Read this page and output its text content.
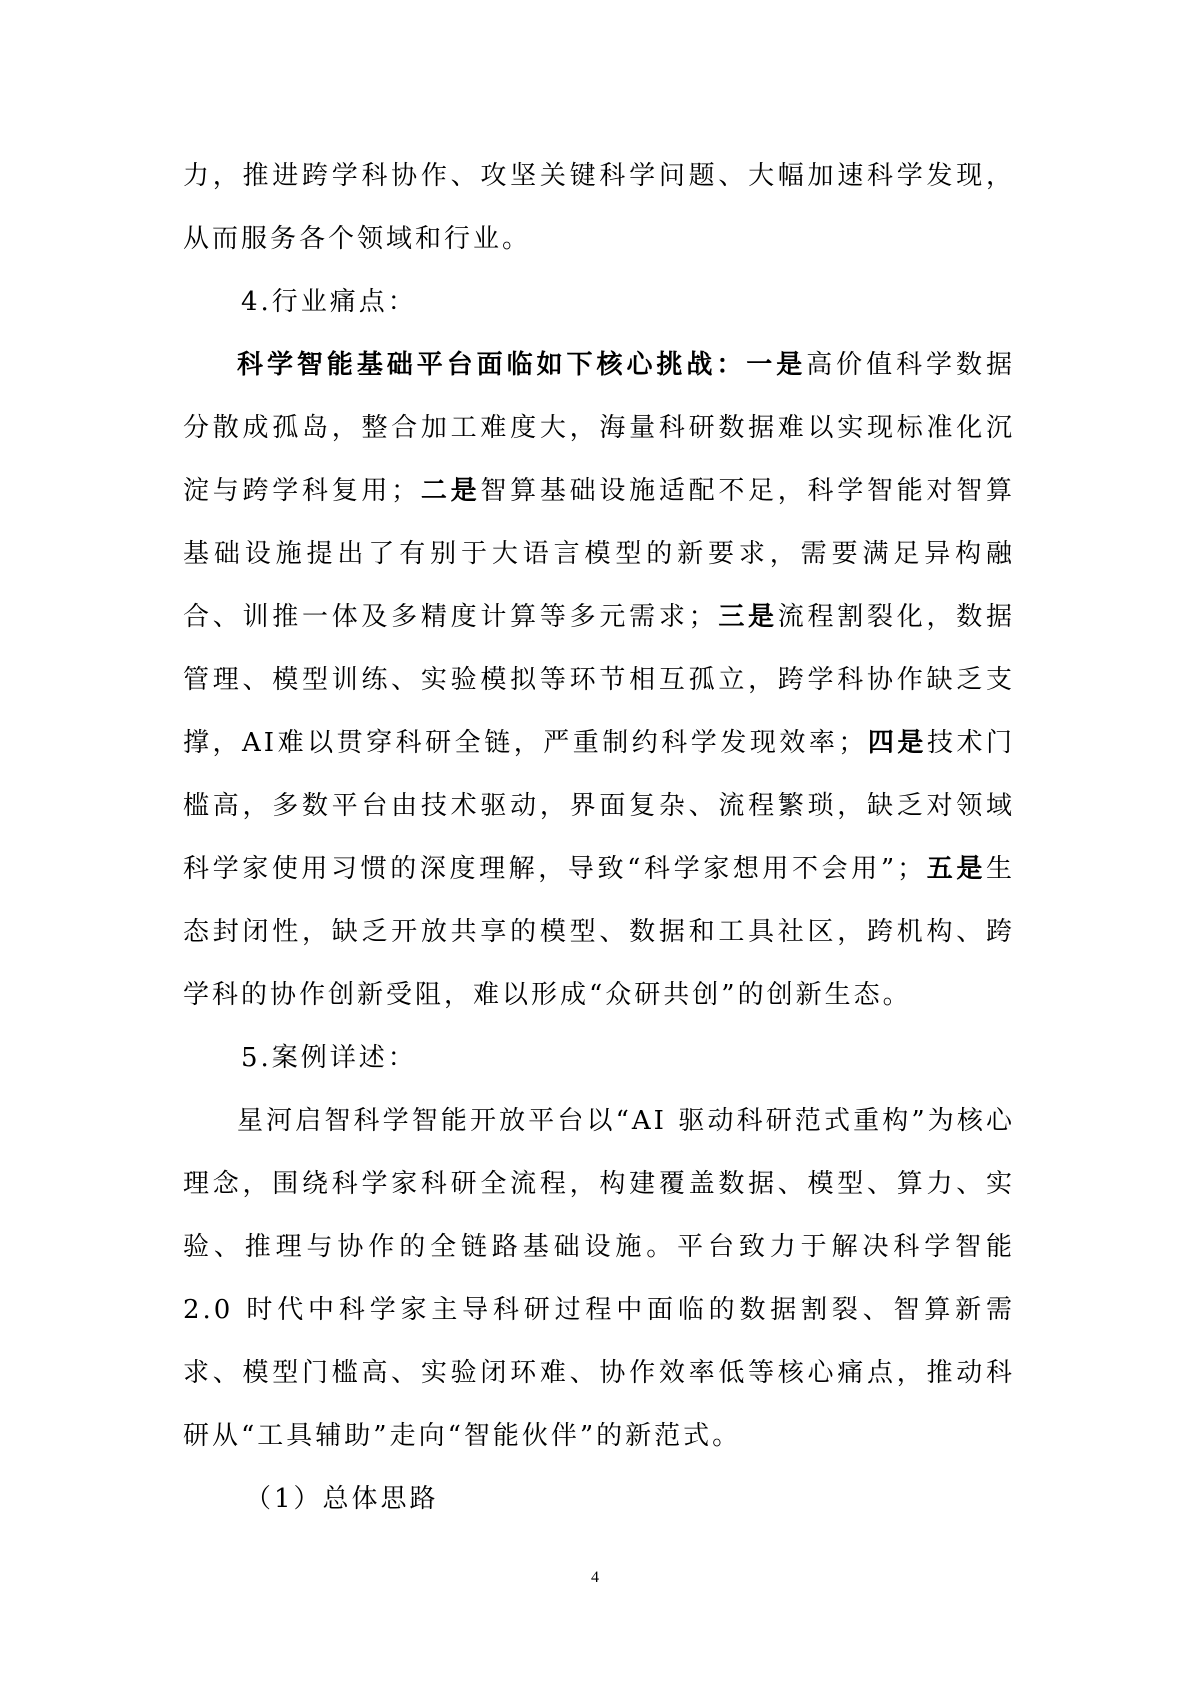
力，推进跨学科协作、攻坚关键科学问题、大幅加速科学发现，从而服务各个领域和行业。

4.行业痛点：

科学智能基础平台面临如下核心挑战：一是高价值科学数据分散成孤岛，整合加工难度大，海量科研数据难以实现标准化沉淀与跨学科复用；二是智算基础设施适配不足，科学智能对智算基础设施提出了有别于大语言模型的新要求，需要满足异构融合、训推一体及多精度计算等多元需求；三是流程割裂化，数据管理、模型训练、实验模拟等环节相互孤立，跨学科协作缺乏支撑，AI难以贯穿科研全链，严重制约科学发现效率；四是技术门槛高，多数平台由技术驱动，界面复杂、流程繁琐，缺乏对领域科学家使用习惯的深度理解，导致“科学家想用不会用”；五是生态封闭性，缺乏开放共享的模型、数据和工具社区，跨机构、跨学科的协作创新受阻，难以形成“众研共创”的创新生态。

5.案例详述：

星河启智科学智能开放平台以“AI 驱动科研范式重构”为核心理念，围绕科学家科研全流程，构建覆盖数据、模型、算力、实验、推理与协作的全链路基础设施。平台致力于解决科学智能 2.0 时代中科学家主导科研过程中面临的数据割裂、智算新需求、模型门槛高、实验闭环难、协作效率低等核心痛点，推动科研从“工具辅助”走向“智能伙伴”的新范式。

（1）总体思路

4
